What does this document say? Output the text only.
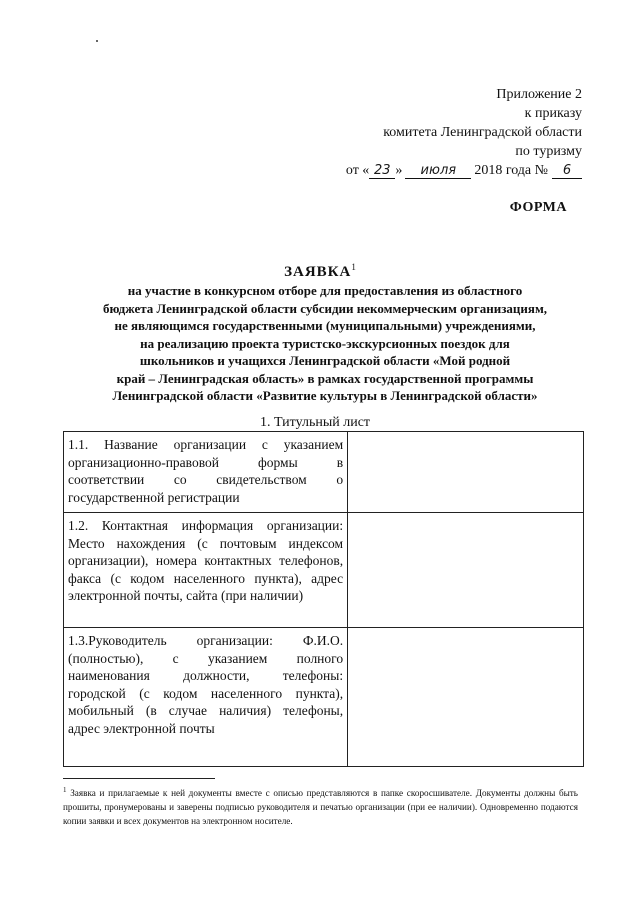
Приложение 2
к приказу
комитета Ленинградской области
по туризму
от « 23 »	июля	2018 года №	6
ФОРМА
ЗАЯВКА$^1$
на участие в конкурсном отборе для предоставления из областного
бюджета Ленинградской области субсидии некоммерческим организациям,
не являющимся государственными (муниципальными) учреждениями,
на реализацию проекта туристско-экскурсионных поездок для
школьников и учащихся Ленинградской области «Мой родной
край – Ленинградская область» в рамках государственной программы
Ленинградской области «Развитие культуры в Ленинградской области»
1. Титульный лист
1.1. Название организации с указанием организационно-правовой формы в соответствии со свидетельством о государственной регистрации	
1.2. Контактная информация организации: Место нахождения (с почтовым индексом организации), номера контактных телефонов, факса (с кодом населенного пункта), адрес электронной почты, сайта (при наличии)	
1.3.Руководитель организации: Ф.И.О. (полностью), с указанием полного наименования должности, телефоны: городской (с кодом населенного пункта), мобильный (в случае наличия) телефоны, адрес электронной почты	
$^1$ Заявка и прилагаемые к ней документы вместе с описью представляются в папке скоросшивателе. Документы должны быть прошиты, пронумерованы и заверены подписью руководителя и печатью организации (при ее наличии). Одновременно подаются копии заявки и всех документов на электронном носителе.
